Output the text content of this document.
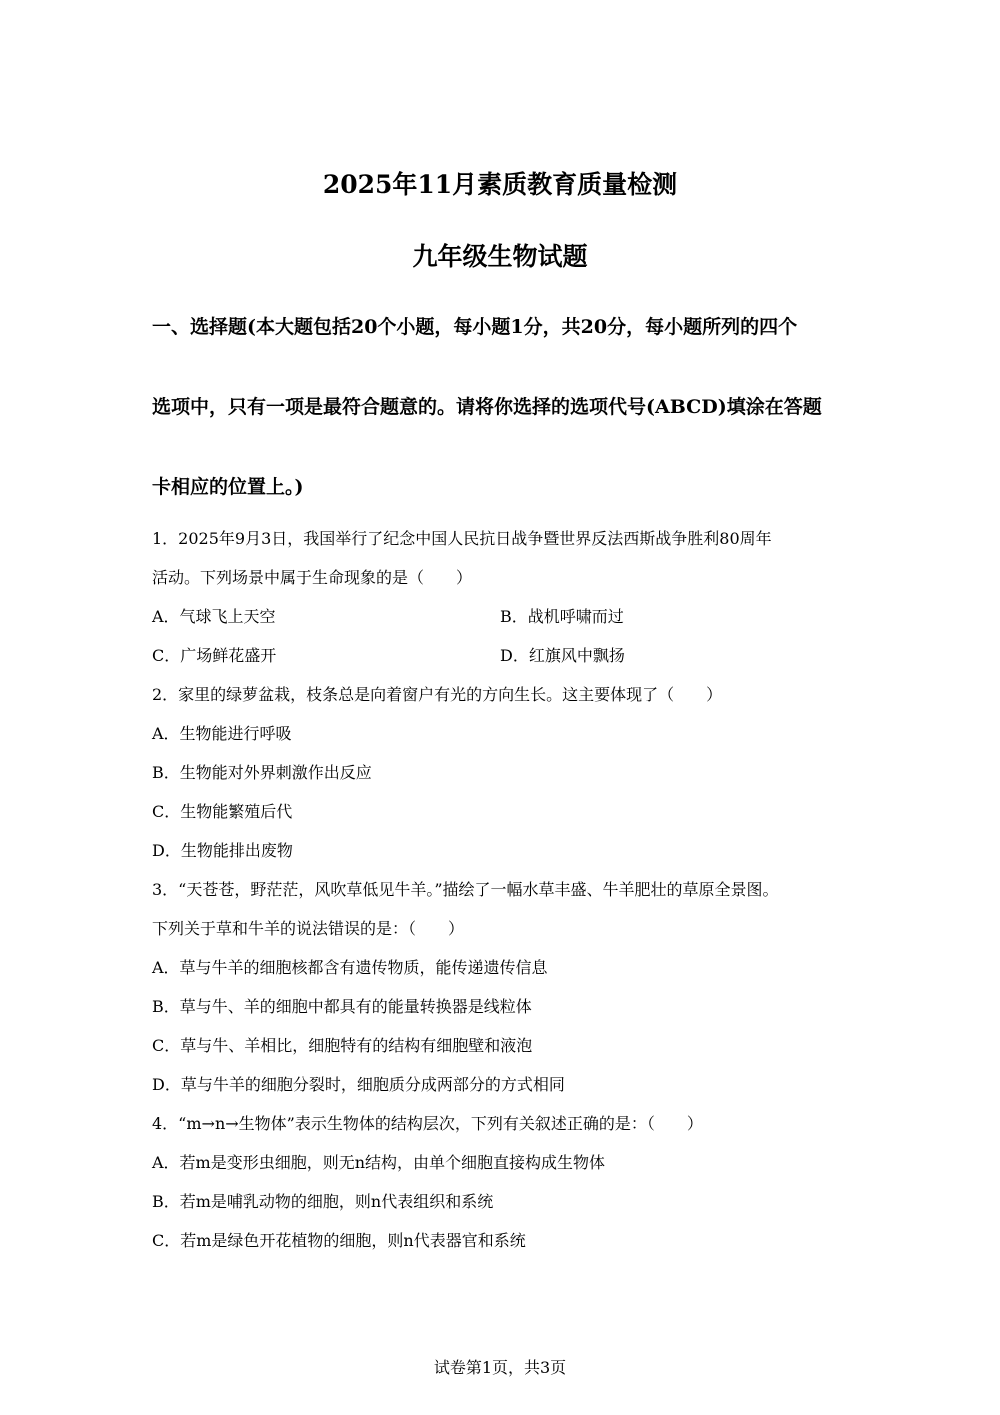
2025年11月素质教育质量检测
九年级生物试题
一、选择题(本大题包括20个小题，每小题1分，共20分，每小题所列的四个
选项中，只有一项是最符合题意的。请将你选择的选项代号(ABCD)填涂在答题
卡相应的位置上。)
1．2025年9月3日，我国举行了纪念中国人民抗日战争暨世界反法西斯战争胜利80周年
活动。下列场景中属于生命现象的是（　　）
A．气球飞上天空	B．战机呼啸而过
C．广场鲜花盛开	D．红旗风中飘扬
2．家里的绿萝盆栽，枝条总是向着窗户有光的方向生长。这主要体现了（　　）
A．生物能进行呼吸
B．生物能对外界刺激作出反应
C．生物能繁殖后代
D．生物能排出废物
3．“天苍苍，野茫茫，风吹草低见牛羊。”描绘了一幅水草丰盛、牛羊肥壮的草原全景图。
下列关于草和牛羊的说法错误的是：（　　）
A．草与牛羊的细胞核都含有遗传物质，能传递遗传信息
B．草与牛、羊的细胞中都具有的能量转换器是线粒体
C．草与牛、羊相比，细胞特有的结构有细胞壁和液泡
D．草与牛羊的细胞分裂时，细胞质分成两部分的方式相同
4．“m→n→生物体”表示生物体的结构层次，下列有关叙述正确的是：（　　）
A．若m是变形虫细胞，则无n结构，由单个细胞直接构成生物体
B．若m是哺乳动物的细胞，则n代表组织和系统
C．若m是绿色开花植物的细胞，则n代表器官和系统
试卷第1页，共3页
